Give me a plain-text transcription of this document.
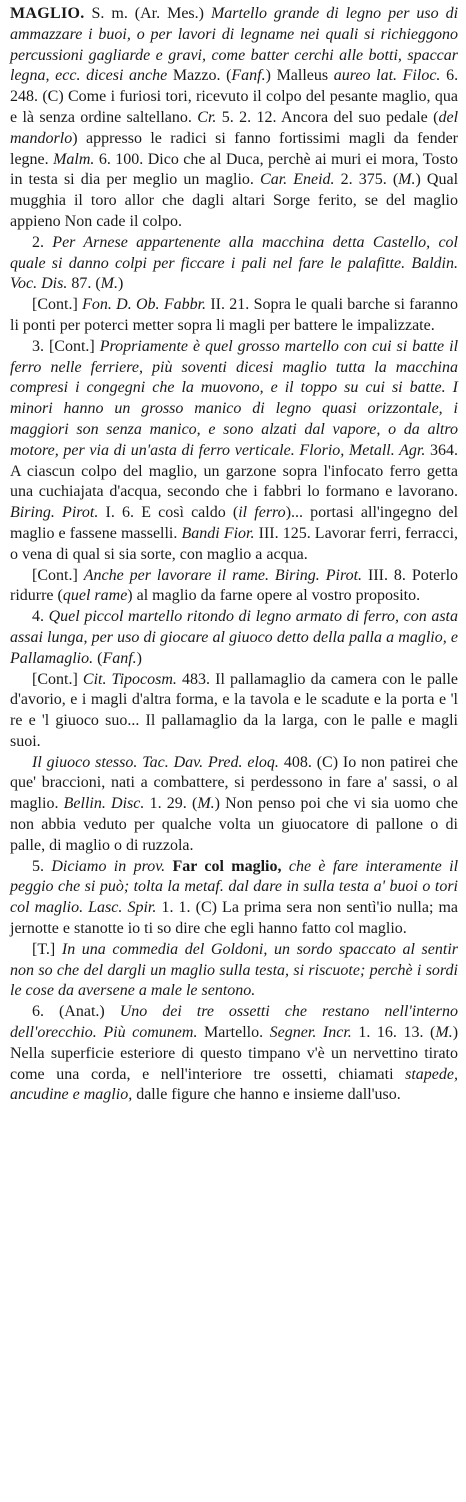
MAGLIO. S. m. (Ar. Mes.) Martello grande di legno per uso di ammazzare i buoi, o per lavori di legname nei quali si richieggono percussioni gagliarde e gravi, come batter cerchi alle botti, spaccar legna, ecc. dicesi anche Mazzo. (Fanf.) Malleus aureo lat. Filoc. 6. 248. (C) Come i furiosi tori, ricevuto il colpo del pesante maglio, qua e là senza ordine saltellano. Cr. 5. 2. 12. Ancora del suo pedale (del mandorlo) appresso le radici si fanno fortissimi magli da fender legne. Malm. 6. 100. Dico che al Duca, perchè ai muri ei mora, Tosto in testa si dia per meglio un maglio. Car. Eneid. 2. 375. (M.) Qual mugghia il toro allor che dagli altari Sorge ferito, se del maglio appieno Non cade il colpo.

2. Per Arnese appartenente alla macchina detta Castello, col quale si danno colpi per ficcare i pali nel fare le palafitte. Baldin. Voc. Dis. 87. (M.)

[Cont.] Fon. D. Ob. Fabbr. II. 21. Sopra le quali barche si faranno li ponti per poterci metter sopra li magli per battere le impalizzate.

3. [Cont.] Propriamente è quel grosso martello con cui si batte il ferro nelle ferriere, più soventi dicesi maglio tutta la macchina compresi i congegni che la muovono, e il toppo su cui si batte. I minori hanno un grosso manico di legno quasi orizzontale, i maggiori son senza manico, e sono alzati dal vapore, o da altro motore, per via di un'asta di ferro verticale. Florio, Metall. Agr. 364. A ciascun colpo del maglio, un garzone sopra l'infocato ferro getta una cuchiajata d'acqua, secondo che i fabbri lo formano e lavorano. Biring. Pirot. I. 6. E così caldo (il ferro)... portasi all'ingegno del maglio e fassene masselli. Bandi Fior. III. 125. Lavorar ferri, ferracci, o vena di qual si sia sorte, con maglio a acqua.

[Cont.] Anche per lavorare il rame. Biring. Pirot. III. 8. Poterlo ridurre (quel rame) al maglio da farne opere al vostro proposito.

4. Quel piccol martello ritondo di legno armato di ferro, con asta assai lunga, per uso di giocare al giuoco detto della palla a maglio, e Pallamaglio. (Fanf.)

[Cont.] Cit. Tipocosm. 483. Il pallamaglio da camera con le palle d'avorio, e i magli d'altra forma, e la tavola e le scadute e la porta e 'l re e 'l giuoco suo... Il pallamaglio da la larga, con le palle e magli suoi.

Il giuoco stesso. Tac. Dav. Pred. eloq. 408. (C) Io non patirei che que' braccioni, nati a combattere, si perdessono in fare a' sassi, o al maglio. Bellin. Disc. 1. 29. (M.) Non penso poi che vi sia uomo che non abbia veduto per qualche volta un giuocatore di pallone o di palle, di maglio o di ruzzola.

5. Diciamo in prov. Far col maglio, che è fare interamente il peggio che si può; tolta la metaf. dal dare in sulla testa a' buoi o tori col maglio. Lasc. Spir. 1. 1. (C) La prima sera non sentì'io nulla; ma jernotte e stanotte io ti so dire che egli hanno fatto col maglio.

[T.] In una commedia del Goldoni, un sordo spaccato al sentir non so che del dargli un maglio sulla testa, si riscuote; perchè i sordi le cose da aversene a male le sentono.

6. (Anat.) Uno dei tre ossetti che restano nell'interno dell'orecchio. Più comunem. Martello. Segner. Incr. 1. 16. 13. (M.) Nella superficie esteriore di questo timpano v'è un nervettino tirato come una corda, e nell'interiore tre ossetti, chiamati stapede, ancudine e maglio, dalle figure che hanno e insieme dall'uso.
